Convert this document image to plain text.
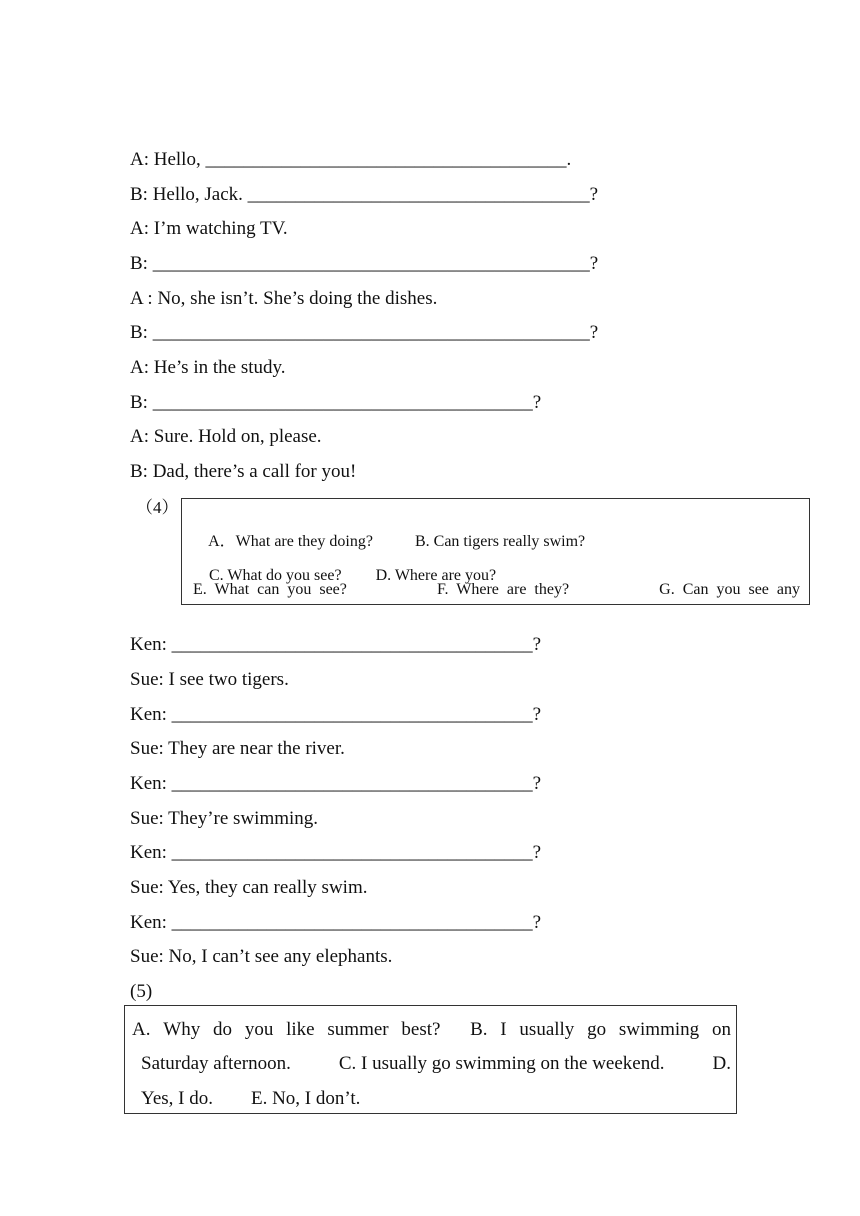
A: Hello, ______________________________________.
B: Hello, Jack. ____________________________________?
A: I’m watching TV.
B: ______________________________________________?
A : No, she isn’t. She’s doing the dishes.
B: ______________________________________________?
A: He’s in the study.
B: ________________________________________?
A: Sure. Hold on, please.
B: Dad, there’s a call for you!
（4）

A．What are they doing?	B. Can tigers really swim?

C. What do you see? D. Where are you?

E.  What  can  you  see?	F.  Where  are  they?	G.  Can  you  see  any
Ken: ______________________________________?
Sue: I see two tigers.
Ken: ______________________________________?
Sue: They are near the river.
Ken: ______________________________________?
Sue: They’re swimming.
Ken: ______________________________________?
Sue: Yes, they can really swim.
Ken: ______________________________________?
Sue: No, I can’t see any elephants.
(5)
A. Why do you like summer best? B. I usually go swimming on
Saturday afternoon.	C. I usually go swimming on the weekend.	D.
Yes, I do.        E. No, I don’t.
